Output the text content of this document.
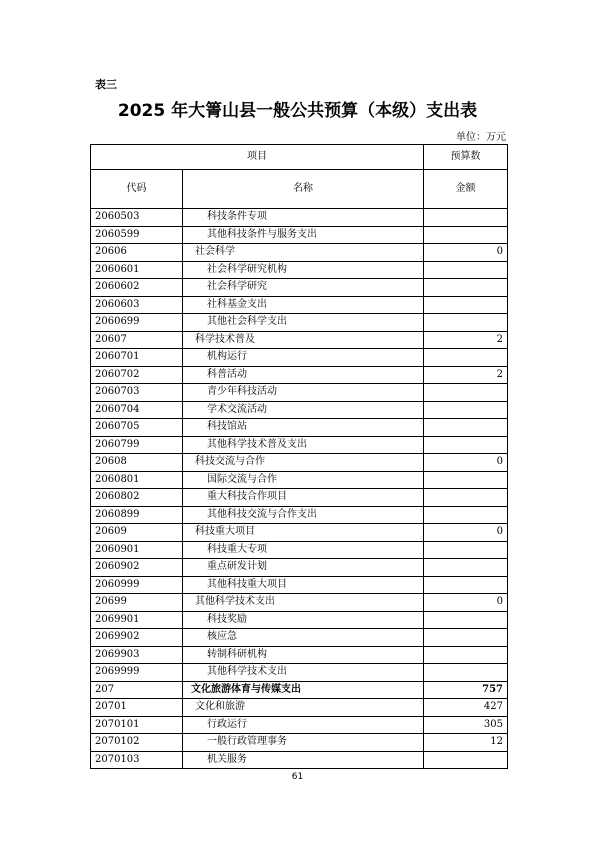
表三
2025 年大箐山县一般公共预算（本级）支出表
单位：万元
项目		预算数
代码	名称	金额
2060503	科技条件专项	
2060599	其他科技条件与服务支出	
20606	社会科学	0
2060601	社会科学研究机构	
2060602	社会科学研究	
2060603	社科基金支出	
2060699	其他社会科学支出	
20607	科学技术普及	2
2060701	机构运行	
2060702	科普活动	2
2060703	青少年科技活动	
2060704	学术交流活动	
2060705	科技馆站	
2060799	其他科学技术普及支出	
20608	科技交流与合作	0
2060801	国际交流与合作	
2060802	重大科技合作项目	
2060899	其他科技交流与合作支出	
20609	科技重大项目	0
2060901	科技重大专项	
2060902	重点研发计划	
2060999	其他科技重大项目	
20699	其他科学技术支出	0
2069901	科技奖励	
2069902	核应急	
2069903	转制科研机构	
2069999	其他科学技术支出	
207	文化旅游体育与传媒支出	757
20701	文化和旅游	427
2070101	行政运行	305
2070102	一般行政管理事务	12
2070103	机关服务	
61
